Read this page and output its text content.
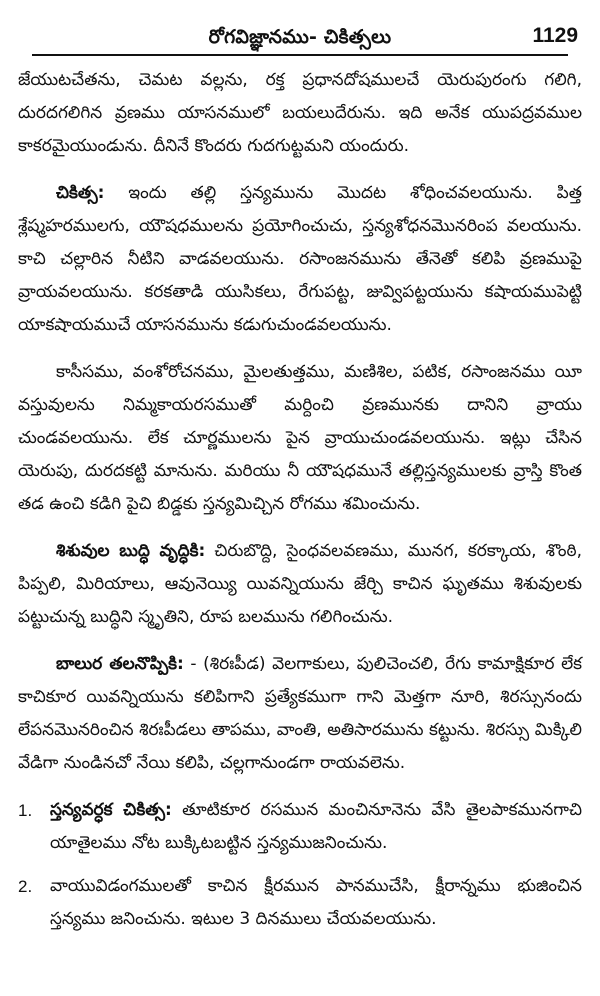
రోగవిజ్ఞానము- చికిత్సలు	1129

జేయుటచేతను, చెమట వల్లను, రక్త ప్రధానదోషములచే యెరుపురంగు గలిగి, దురదగలిగిన వ్రణము యాసనములో బయలుదేరును. ఇది అనేక యుపద్రవముల కాకరమైయుండును. దీనినే కొందరు గుదగుట్టమని యందురు.

చికిత్స: ఇందు తల్లి స్తన్యమును మొదట శోధించవలయును. పిత్త శ్లేష్మహరములగు, యౌషధములను ప్రయోగించుచు, స్తన్యశోధనమొనరింప వలయును. కాచి చల్లారిన నీటిని వాడవలయును. రసాంజనమును తేనెతో కలిపి వ్రణముపై వ్రాయవలయును. కరకతాడి యుసికలు, రేగుపట్ట, జువ్విపట్టయును కషాయముపెట్టి యాకషాయముచే యాసనమును కడుగుచుండవలయును.

కాసీసము, వంశోరోచనము, మైలతుత్తము, మణిశిల, పటిక, రసాంజనము యీ వస్తువులను నిమ్మకాయరసముతో మర్దించి వ్రణమునకు దానిని వ్రాయు చుండవలయును. లేక చూర్ణములను పైన వ్రాయుచుండవలయును. ఇట్లు చేసిన యెరుపు, దురదకట్టి మానును. మరియు నీ యౌషధమునే తల్లిస్తన్యములకు వ్రాస్తి కొంత తడ ఉంచి కడిగి పైచి బిడ్డకు స్తన్యమిచ్చిన రోగము శమించును.

శిశువుల బుద్ధి వృద్ధికి: చిరుబొద్ది, సైంధవలవణము, మునగ, కరక్కాయ, శొంఠి, పిప్పలి, మిరియాలు, ఆవునెయ్యి యివన్నియును జేర్చి కాచిన ఘృతము శిశువులకు పట్టుచున్న బుద్ధిని స్మృతిని, రూప బలమును గలిగించును.

బాలుర తలనొప్పికి: - (శిరఃపీడ) వెలగాకులు, పులిచెంచలి, రేగు కామాక్షికూర లేక కాచికూర యివన్నియును కలిపిగాని ప్రత్యేకముగా గాని మెత్తగా నూరి, శిరస్సునందు లేపనమొనరించిన శిరఃపీడలు తాపము, వాంతి, అతిసారమును కట్టును. శిరస్సు మిక్కిలి వేడిగా నుండినచో నేయి కలిపి, చల్లగానుండగా రాయవలెను.

1.	స్తన్యవర్ధక చికిత్స: తూటికూర రసమున మంచినూనెను వేసి తైలపాకమునగాచి యాతైలము నోట బుక్కిటబట్టిన స్తన్యముజనించును.
2.	వాయువిడంగములతో కాచిన క్షీరమున పానముచేసి, క్షీరాన్నము భుజించిన స్తన్యము జనించును. ఇటుల 3 దినములు చేయవలయును.
